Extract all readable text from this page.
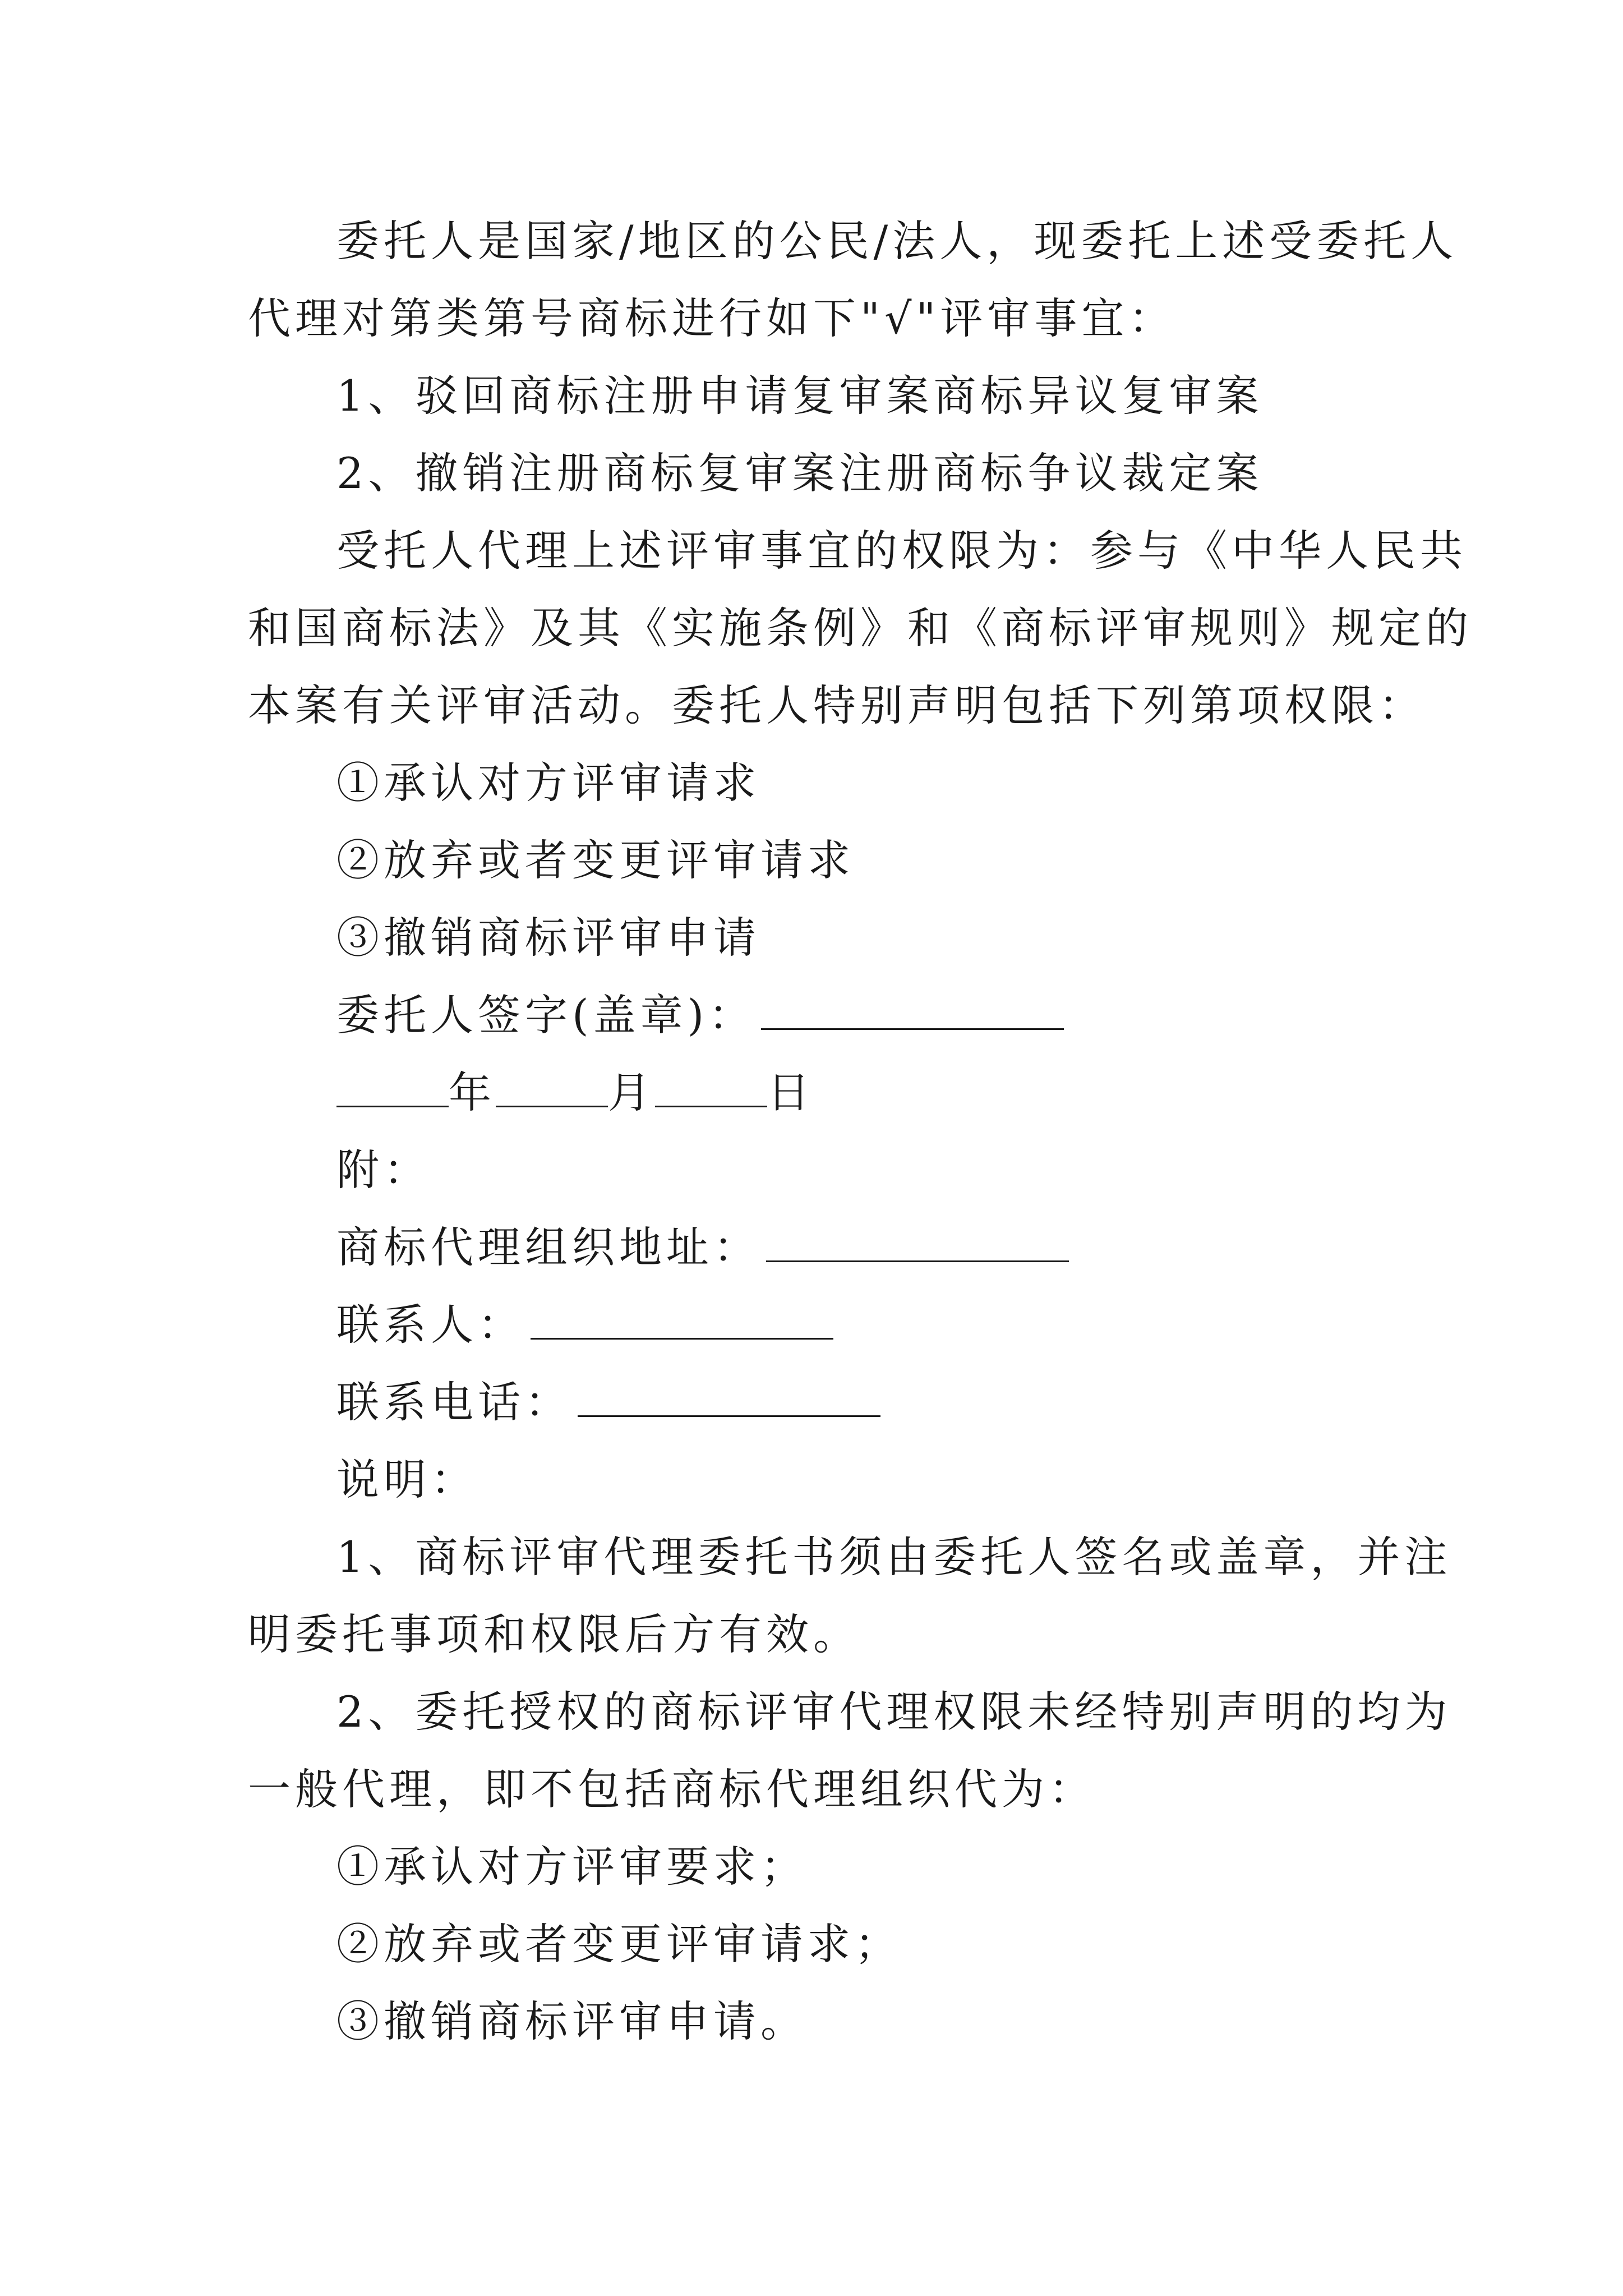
委托人是国家/地区的公民/法人，现委托上述受委托人
代理对第类第号商标进行如下"√"评审事宜：
1、驳回商标注册申请复审案商标异议复审案
2、撤销注册商标复审案注册商标争议裁定案
受托人代理上述评审事宜的权限为：参与《中华人民共
和国商标法》及其《实施条例》和《商标评审规则》规定的
本案有关评审活动。委托人特别声明包括下列第项权限：
①承认对方评审请求
②放弃或者变更评审请求
③撤销商标评审申请
委托人签字(盖章)：
年	月	日
附：
商标代理组织地址：
联系人：
联系电话：
说明：
1、商标评审代理委托书须由委托人签名或盖章，并注
明委托事项和权限后方有效。
2、委托授权的商标评审代理权限未经特别声明的均为
一般代理，即不包括商标代理组织代为：
①承认对方评审要求；
②放弃或者变更评审请求；
③撤销商标评审申请。
